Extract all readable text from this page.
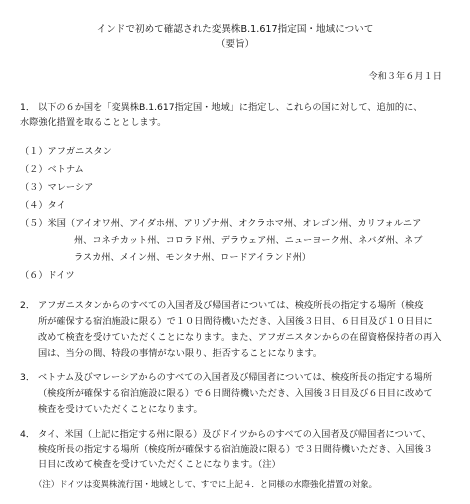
インドで初めて確認された変異株B.1.617指定国・地域について
（要旨）
令和３年６月１日
1． 以下の６か国を「変異株B.1.617指定国・地域」に指定し、これらの国に対して、追加的に、
水際強化措置を取ることとします。
（１）アフガニスタン
（２）ベトナム
（３）マレーシア
（４）タイ
（５）米国（アイオワ州、アイダホ州、アリゾナ州、オクラホマ州、オレゴン州、カリフォルニア
州、コネチカット州、コロラド州、デラウェア州、ニューヨーク州、ネバダ州、ネブ
ラスカ州、メイン州、モンタナ州、ロードアイランド州）
（６）ドイツ
2． アフガニスタンからのすべての入国者及び帰国者については、検疫所長の指定する場所（検疫
所が確保する宿泊施設に限る）で１０日間待機いただき、入国後３日目、６日目及び１０日目に
改めて検査を受けていただくことになります。また、アフガニスタンからの在留資格保持者の再入
国は、当分の間、特段の事情がない限り、拒否することになります。
3． ベトナム及びマレーシアからのすべての入国者及び帰国者については、検疫所長の指定する場所
（検疫所が確保する宿泊施設に限る）で６日間待機いただき、入国後３日目及び６日目に改めて
検査を受けていただくことになります。
4． タイ、米国（上記に指定する州に限る）及びドイツからのすべての入国者及び帰国者について、
検疫所長の指定する場所（検疫所が確保する宿泊施設に限る）で３日間待機いただき、入国後３
日目に改めて検査を受けていただくことになります。（注）
（注）ドイツは変異株流行国・地域として、すでに上記４．と同様の水際強化措置の対象。
